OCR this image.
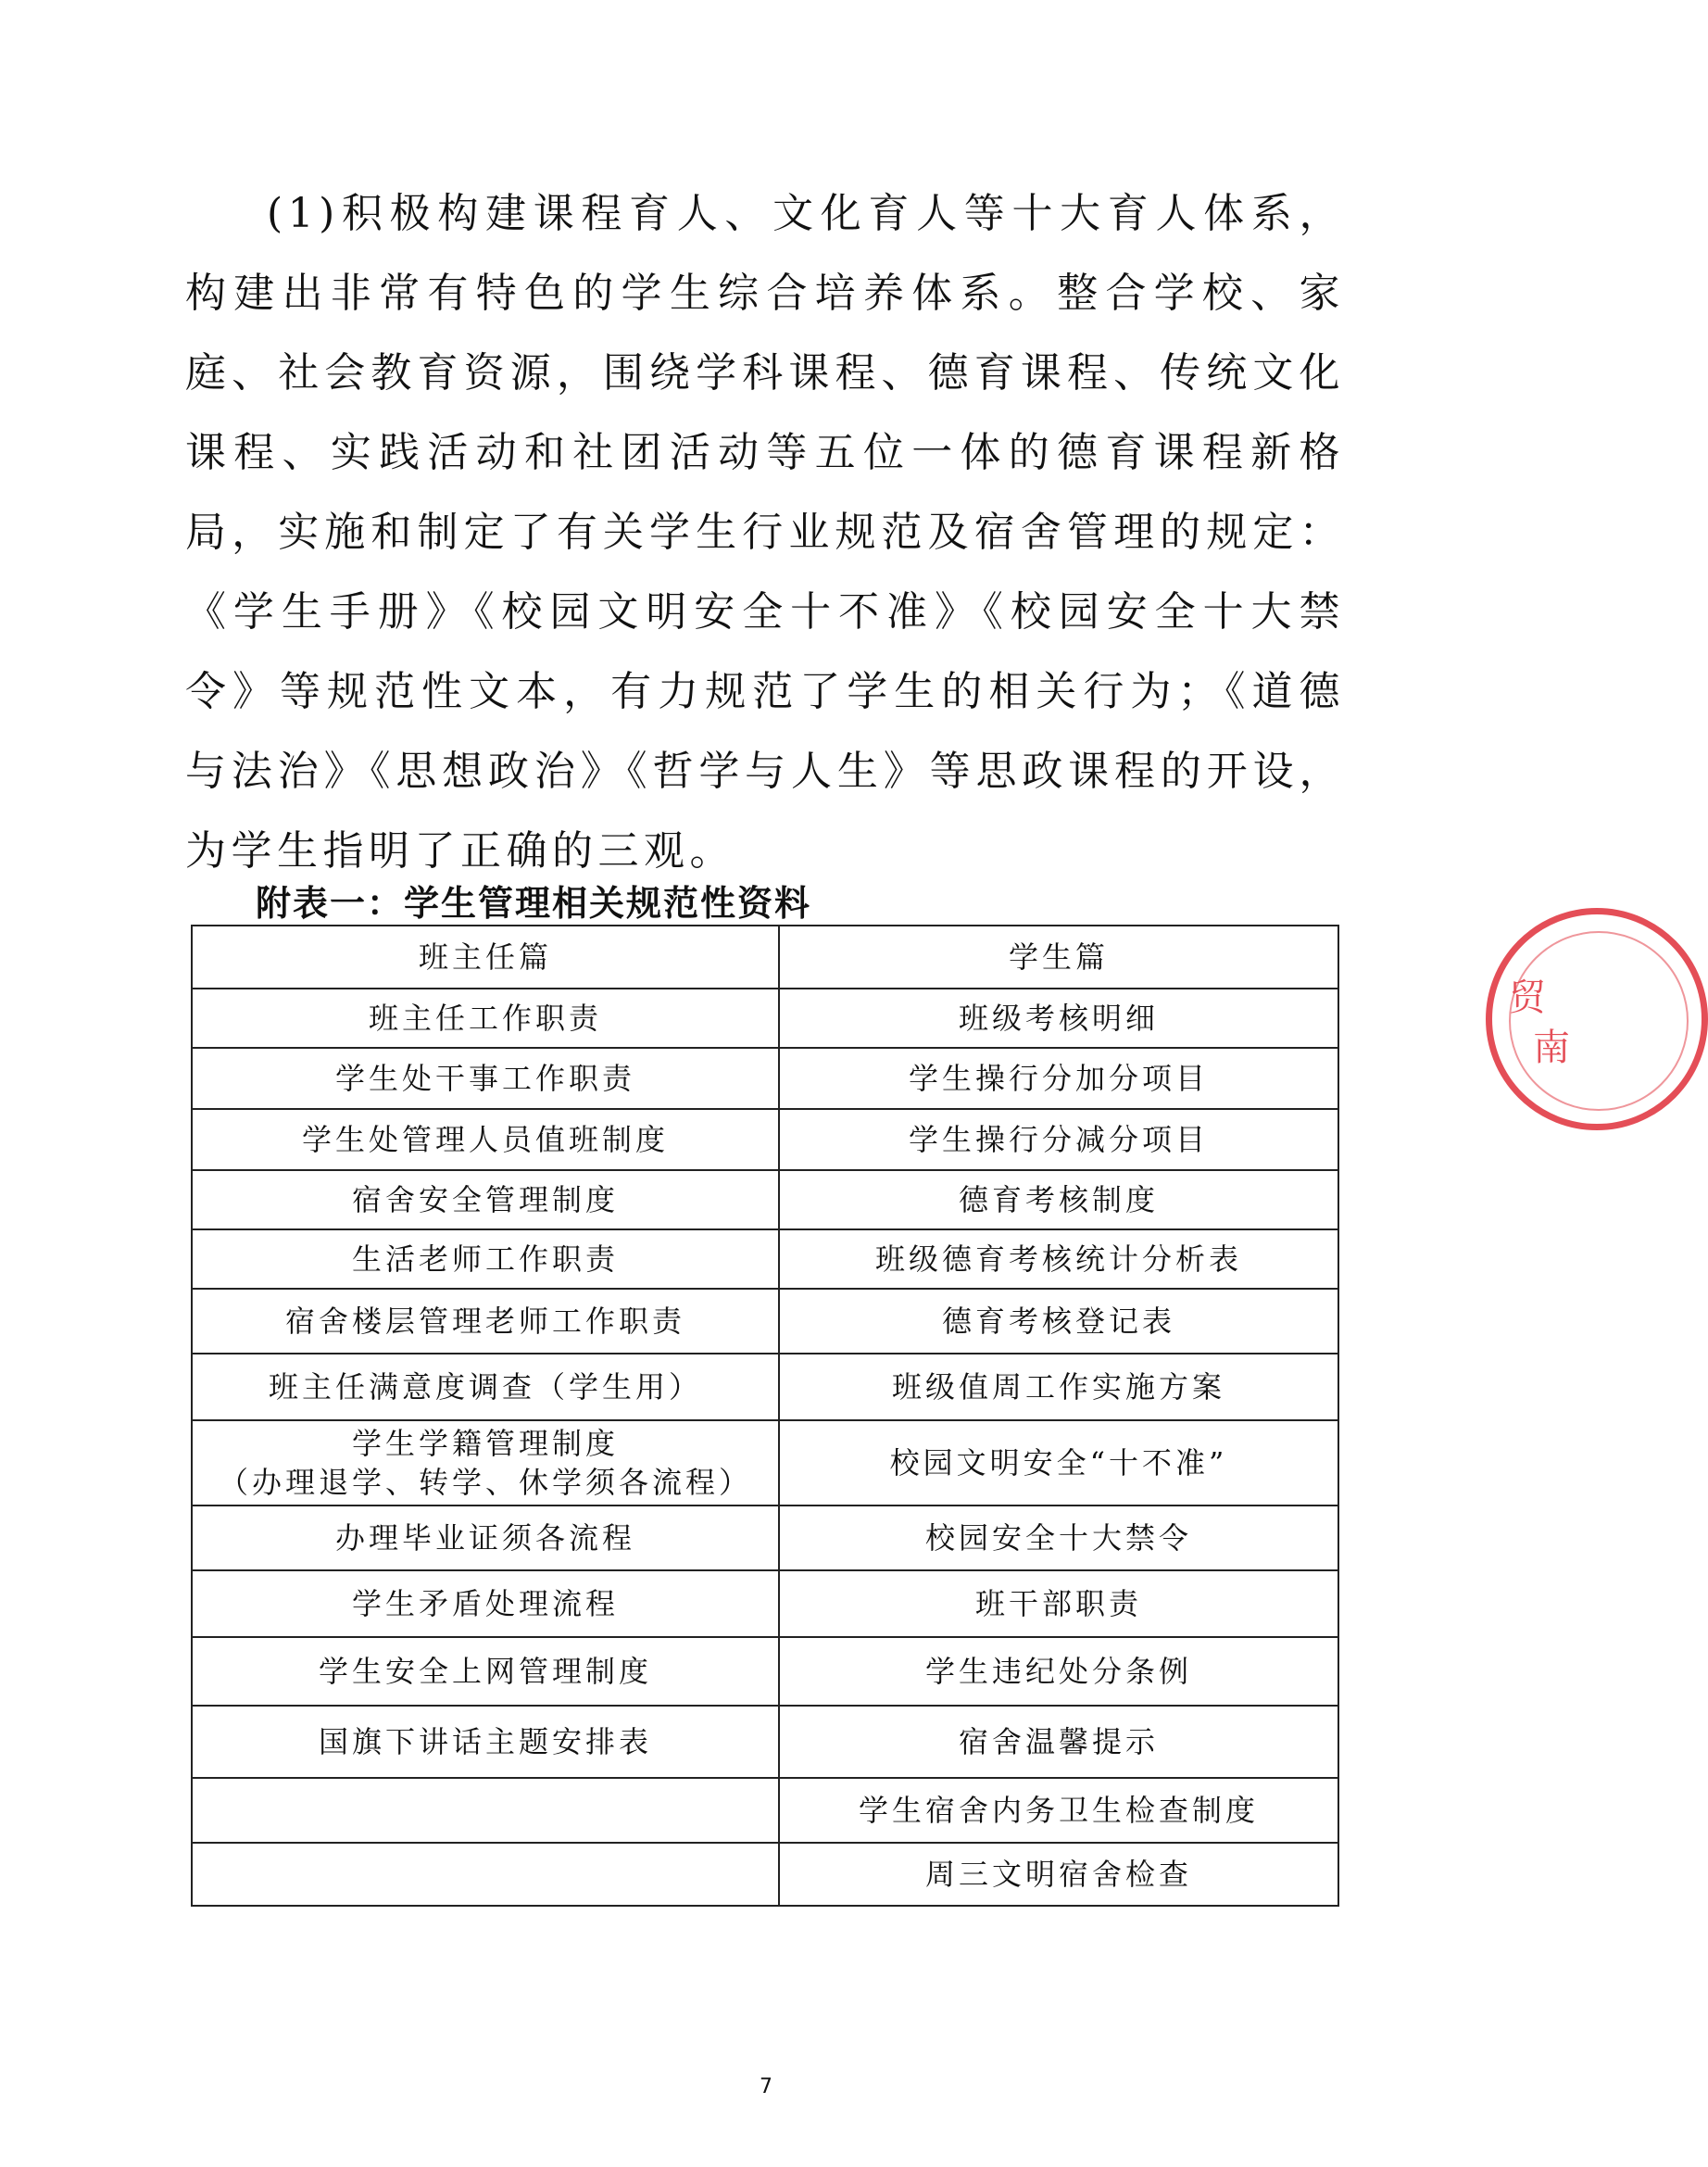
(1)积极构建课程育人、文化育人等十大育人体系，构建出非常有特色的学生综合培养体系。整合学校、家庭、社会教育资源，围绕学科课程、德育课程、传统文化课程、实践活动和社团活动等五位一体的德育课程新格局，实施和制定了有关学生行业规范及宿舍管理的规定：《学生手册》《校园文明安全十不准》《校园安全十大禁令》等规范性文本，有力规范了学生的相关行为；《道德与法治》《思想政治》《哲学与人生》等思政课程的开设，为学生指明了正确的三观。

附表一：学生管理相关规范性资料

班主任篇	学生篇
班主任工作职责	班级考核明细
学生处干事工作职责	学生操行分加分项目
学生处管理人员值班制度	学生操行分减分项目
宿舍安全管理制度	德育考核制度
生活老师工作职责	班级德育考核统计分析表
宿舍楼层管理老师工作职责	德育考核登记表
班主任满意度调查（学生用）	班级值周工作实施方案

学生学籍管理制度
（办理退学、转学、休学须各流程）	校园文明安全“十不准”
办理毕业证须各流程	校园安全十大禁令
学生矛盾处理流程	班干部职责
学生安全上网管理制度	学生违纪处分条例
国旗下讲话主题安排表	宿舍温馨提示
	学生宿舍内务卫生检查制度
	周三文明宿舍检查
贸
南
7
